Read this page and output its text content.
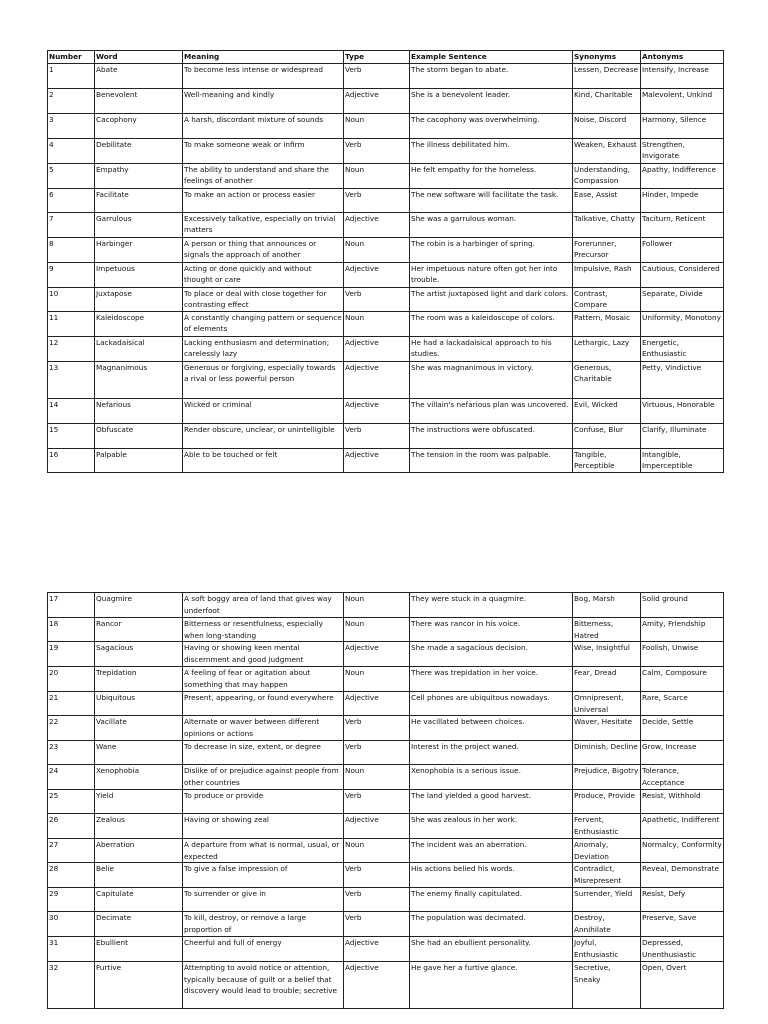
Number	Word	Meaning	Type	Example Sentence	Synonyms	Antonyms
1	Abate	To become less intense or widespread	Verb	The storm began to abate.	Lessen, Decrease	Intensify, Increase
2	Benevolent	Well-meaning and kindly	Adjective	She is a benevolent leader.	Kind, Charitable	Malevolent, Unkind
3	Cacophony	A harsh, discordant mixture of sounds	Noun	The cacophony was overwhelming.	Noise, Discord	Harmony, Silence
4	Debilitate	To make someone weak or infirm	Verb	The illness debilitated him.	Weaken, Exhaust	Strengthen, Invigorate
5	Empathy	The ability to understand and share the feelings of another	Noun	He felt empathy for the homeless.	Understanding, Compassion	Apathy, Indifference
6	Facilitate	To make an action or process easier	Verb	The new software will facilitate the task.	Ease, Assist	Hinder, Impede
7	Garrulous	Excessively talkative, especially on trivial matters	Adjective	She was a garrulous woman.	Talkative, Chatty	Taciturn, Reticent
8	Harbinger	A person or thing that announces or signals the approach of another	Noun	The robin is a harbinger of spring.	Forerunner, Precursor	Follower
9	Impetuous	Acting or done quickly and without thought or care	Adjective	Her impetuous nature often got her into trouble.	Impulsive, Rash	Cautious, Considered
10	Juxtapose	To place or deal with close together for contrasting effect	Verb	The artist juxtaposed light and dark colors.	Contrast, Compare	Separate, Divide
11	Kaleidoscope	A constantly changing pattern or sequence of elements	Noun	The room was a kaleidoscope of colors.	Pattern, Mosaic	Uniformity, Monotony
12	Lackadaisical	Lacking enthusiasm and determination; carelessly lazy	Adjective	He had a lackadaisical approach to his studies.	Lethargic, Lazy	Energetic, Enthusiastic
13	Magnanimous	Generous or forgiving, especially towards a rival or less powerful person	Adjective	She was magnanimous in victory.	Generous, Charitable	Petty, Vindictive
14	Nefarious	Wicked or criminal	Adjective	The villain's nefarious plan was uncovered.	Evil, Wicked	Virtuous, Honorable
15	Obfuscate	Render obscure, unclear, or unintelligible	Verb	The instructions were obfuscated.	Confuse, Blur	Clarify, Illuminate
16	Palpable	Able to be touched or felt	Adjective	The tension in the room was palpable.	Tangible, Perceptible	Intangible, Imperceptible
17	Quagmire	A soft boggy area of land that gives way underfoot	Noun	They were stuck in a quagmire.	Bog, Marsh	Solid ground
18	Rancor	Bitterness or resentfulness, especially when long-standing	Noun	There was rancor in his voice.	Bitterness, Hatred	Amity, Friendship
19	Sagacious	Having or showing keen mental discernment and good judgment	Adjective	She made a sagacious decision.	Wise, Insightful	Foolish, Unwise
20	Trepidation	A feeling of fear or agitation about something that may happen	Noun	There was trepidation in her voice.	Fear, Dread	Calm, Composure
21	Ubiquitous	Present, appearing, or found everywhere	Adjective	Cell phones are ubiquitous nowadays.	Omnipresent, Universal	Rare, Scarce
22	Vacillate	Alternate or waver between different opinions or actions	Verb	He vacillated between choices.	Waver, Hesitate	Decide, Settle
23	Wane	To decrease in size, extent, or degree	Verb	Interest in the project waned.	Diminish, Decline	Grow, Increase
24	Xenophobia	Dislike of or prejudice against people from other countries	Noun	Xenophobia is a serious issue.	Prejudice, Bigotry	Tolerance, Acceptance
25	Yield	To produce or provide	Verb	The land yielded a good harvest.	Produce, Provide	Resist, Withhold
26	Zealous	Having or showing zeal	Adjective	She was zealous in her work.	Fervent, Enthusiastic	Apathetic, Indifferent
27	Aberration	A departure from what is normal, usual, or expected	Noun	The incident was an aberration.	Anomaly, Deviation	Normalcy, Conformity
28	Belie	To give a false impression of	Verb	His actions belied his words.	Contradict, Misrepresent	Reveal, Demonstrate
29	Capitulate	To surrender or give in	Verb	The enemy finally capitulated.	Surrender, Yield	Resist, Defy
30	Decimate	To kill, destroy, or remove a large proportion of	Verb	The population was decimated.	Destroy, Annihilate	Preserve, Save
31	Ebullient	Cheerful and full of energy	Adjective	She had an ebullient personality.	Joyful, Enthusiastic	Depressed, Unenthusiastic
32	Furtive	Attempting to avoid notice or attention, typically because of guilt or a belief that discovery would lead to trouble; secretive	Adjective	He gave her a furtive glance.	Secretive, Sneaky	Open, Overt
